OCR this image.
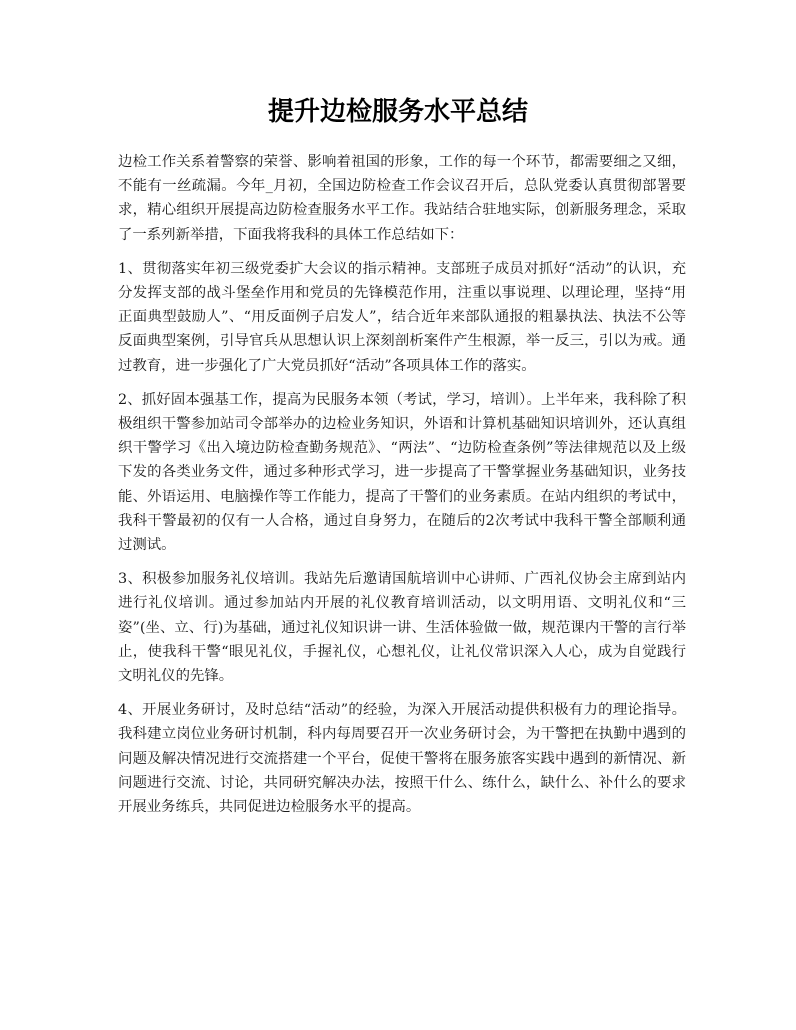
提升边检服务水平总结

边检工作关系着警察的荣誉、影响着祖国的形象，工作的每一个环节，都需要细之又细，不能有一丝疏漏。今年_月初，全国边防检查工作会议召开后，总队党委认真贯彻部署要求，精心组织开展提高边防检查服务水平工作。我站结合驻地实际，创新服务理念，采取了一系列新举措，下面我将我科的具体工作总结如下：

1、贯彻落实年初三级党委扩大会议的指示精神。支部班子成员对抓好“活动”的认识，充分发挥支部的战斗堡垒作用和党员的先锋模范作用，注重以事说理、以理论理，坚持“用正面典型鼓励人”、“用反面例子启发人”，结合近年来部队通报的粗暴执法、执法不公等反面典型案例，引导官兵从思想认识上深刻剖析案件产生根源，举一反三，引以为戒。通过教育，进一步强化了广大党员抓好“活动”各项具体工作的落实。

2、抓好固本强基工作，提高为民服务本领（考试，学习，培训）。上半年来，我科除了积极组织干警参加站司令部举办的边检业务知识，外语和计算机基础知识培训外，还认真组织干警学习《出入境边防检查勤务规范》、“两法”、“边防检查条例”等法律规范以及上级下发的各类业务文件，通过多种形式学习，进一步提高了干警掌握业务基础知识，业务技能、外语运用、电脑操作等工作能力，提高了干警们的业务素质。在站内组织的考试中，我科干警最初的仅有一人合格，通过自身努力，在随后的2次考试中我科干警全部顺利通过测试。

3、积极参加服务礼仪培训。我站先后邀请国航培训中心讲师、广西礼仪协会主席到站内进行礼仪培训。通过参加站内开展的礼仪教育培训活动，以文明用语、文明礼仪和“三姿”(坐、立、行)为基础，通过礼仪知识讲一讲、生活体验做一做，规范课内干警的言行举止，使我科干警“眼见礼仪，手握礼仪，心想礼仪，让礼仪常识深入人心，成为自觉践行文明礼仪的先锋。

4、开展业务研讨，及时总结“活动”的经验，为深入开展活动提供积极有力的理论指导。我科建立岗位业务研讨机制，科内每周要召开一次业务研讨会，为干警把在执勤中遇到的问题及解决情况进行交流搭建一个平台，促使干警将在服务旅客实践中遇到的新情况、新问题进行交流、讨论，共同研究解决办法，按照干什么、练什么，缺什么、补什么的要求开展业务练兵，共同促进边检服务水平的提高。
